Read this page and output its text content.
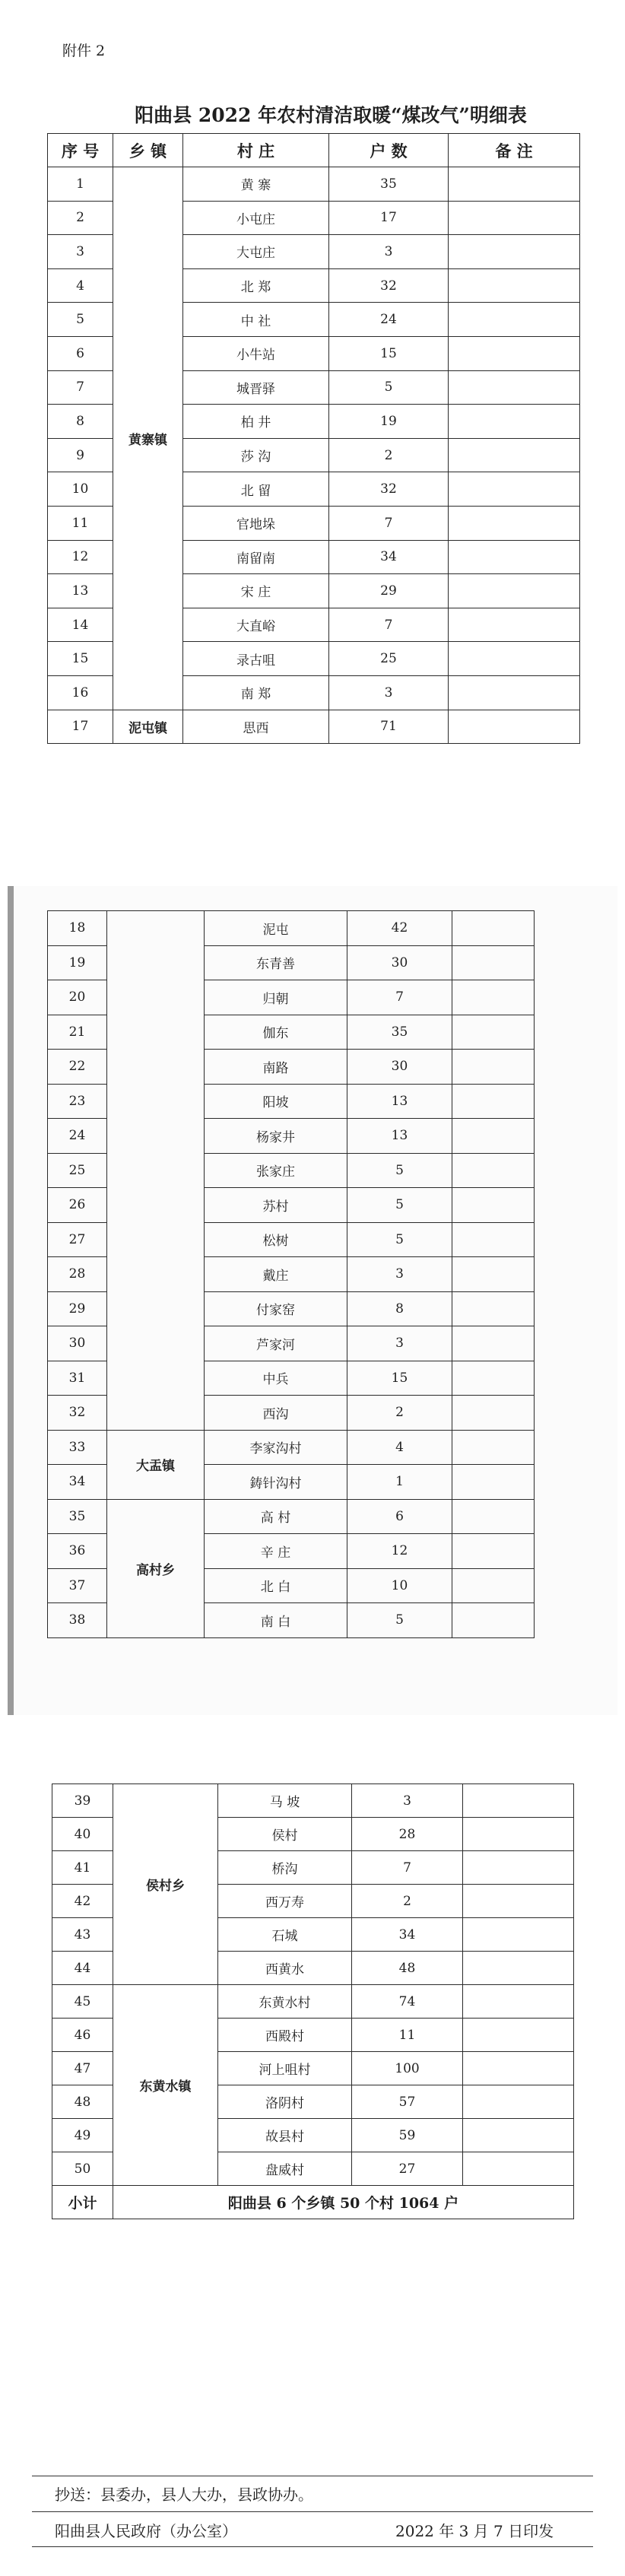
附件 2
阳曲县 2022 年农村清洁取暖“煤改气”明细表
序 号	乡 镇	村 庄	户 数	备 注
1	黄寨镇	黄 寨	35	
2		小屯庄	17	
3		大屯庄	3	
4		北 郑	32	
5		中 社	24	
6		小牛站	15	
7		城晋驿	5	
8		柏 井	19	
9		莎 沟	2	
10		北 留	32	
11		官地垛	7	
12		南留南	34	
13		宋 庄	29	
14		大直峪	7	
15		录古咀	25	
16		南 郑	3	
17	泥屯镇	思西	71	
18		泥屯	42	
19		东青善	30	
20		归朝	7	
21		伽东	35	
22		南路	30	
23		阳坡	13	
24		杨家井	13	
25		张家庄	5	
26		苏村	5	
27		松树	5	
28		戴庄	3	
29		付家窑	8	
30		芦家河	3	
31		中兵	15	
32		西沟	2	
33	大盂镇	李家沟村	4	
34		鋳针沟村	1	
35	高村乡	高 村	6	
36		辛 庄	12	
37		北 白	10	
38		南 白	5	
39	侯村乡	马 坡	3	
40		侯村	28	
41		桥沟	7	
42		西万寿	2	
43		石城	34	
44		西黄水	48	
45	东黄水镇	东黄水村	74	
46		西殿村	11	
47		河上咀村	100	
48		洛阴村	57	
49		故县村	59	
50		盘威村	27	
小计	阳曲县 6 个乡镇 50 个村 1064 户			
抄送：县委办，县人大办，县政协办。
阳曲县人民政府（办公室）	2022 年 3 月 7 日印发
